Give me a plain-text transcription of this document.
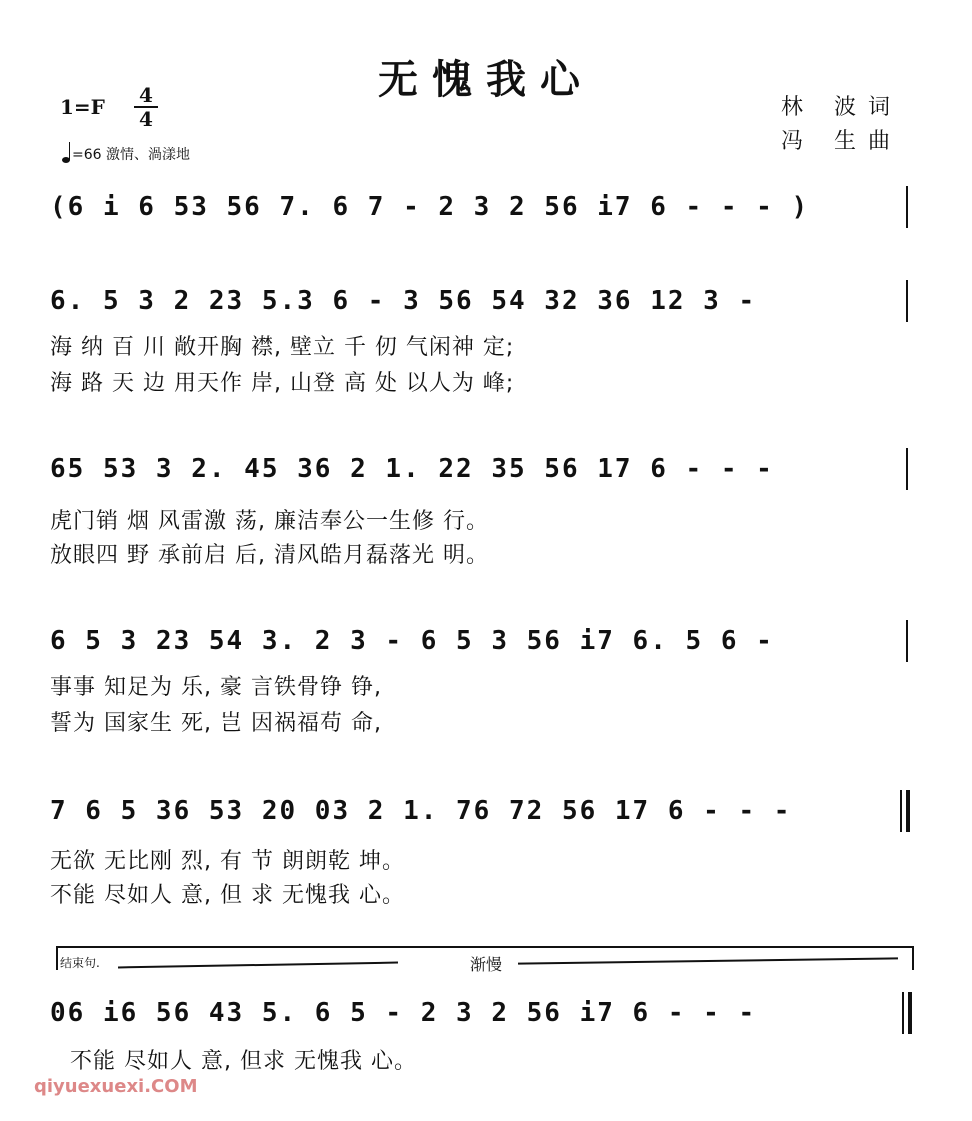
无愧我心
1=F 4
4
=66 激情、渦漾地
林 波词
冯 生曲
(6 i 6 53 56 7. 6 7 - 2 3 2 56 i7 6 - - - )
6. 5 3 2 23 5.3 6 - 3 56 54 32 36 12 3 -
海 纳 百 川 敞开胸 襟, 壁立 千 仞 气闲神 定;
海 路 天 边 用天作 岸, 山登 高 处 以人为 峰;
65 53 3 2. 45 36 2 1. 22 35 56 17 6 - - -
虎门销 烟 风雷激 荡, 廉洁奉公一生修 行。
放眼四 野 承前启 后, 清风皓月磊落光 明。
6 5 3 23 54 3. 2 3 - 6 5 3 56 i7 6. 5 6 -
事事 知足为 乐, 豪 言铁骨铮 铮,
誓为 国家生 死, 岂 因祸福苟 命,
7 6 5 36 53 20 03 2 1. 76 72 56 17 6 - - -
无欲 无比刚 烈, 有 节 朗朗乾 坤。
不能 尽如人 意, 但 求 无愧我 心。
结束句.	渐慢
06 i6 56 43 5. 6 5 - 2 3 2 56 i7 6 - - -
不能 尽如人 意, 但求 无愧我 心。
qiyuexuexi.COM
